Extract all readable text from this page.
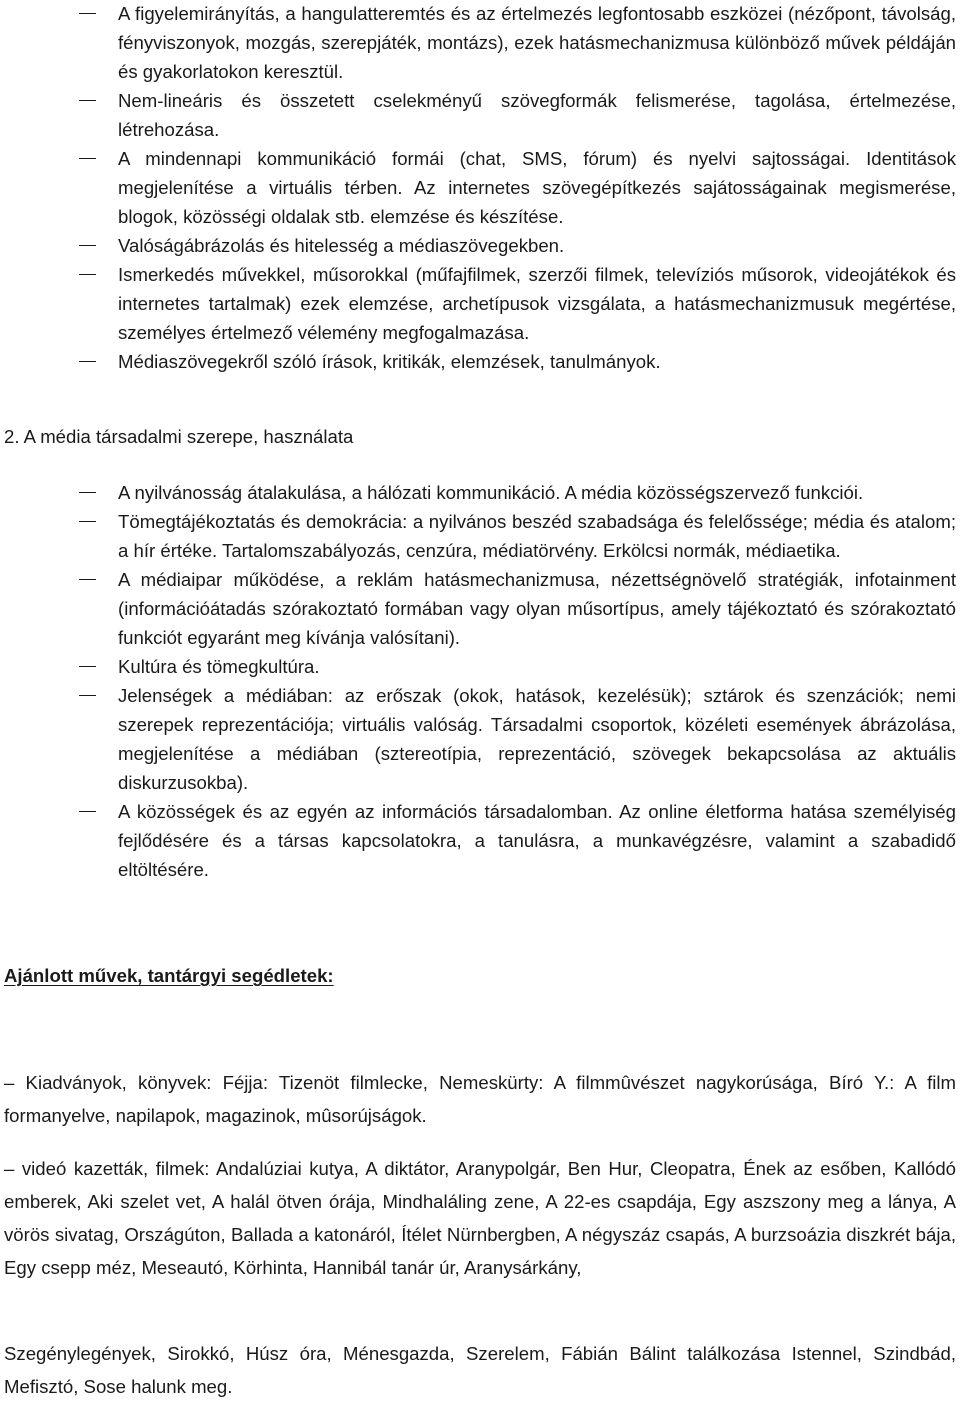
A figyelemirányítás, a hangulatteremtés és az értelmezés legfontosabb eszközei (nézőpont, távolság, fényviszonyok, mozgás, szerepjáték, montázs), ezek hatásmechanizmusa különböző művek példáján és gyakorlatokon keresztül.
Nem-lineáris és összetett cselekményű szövegformák felismerése, tagolása, értelmezése, létrehozása.
A mindennapi kommunikáció formái (chat, SMS, fórum) és nyelvi sajtosságai. Identitások megjelenítése a virtuális térben. Az internetes szövegépítkezés sajátosságainak megismerése, blogok, közösségi oldalak stb. elemzése és készítése.
Valóságábrázolás és hitelesség a médiaszövegekben.
Ismerkedés művekkel, műsorokkal (műfajfilmek, szerzői filmek, televíziós műsorok, videojátékok és internetes tartalmak) ezek elemzése, archetípusok vizsgálata, a hatásmechanizmusuk megértése, személyes értelmező vélemény megfogalmazása.
Médiaszövegekről szóló írások, kritikák, elemzések, tanulmányok.
2. A média társadalmi szerepe, használata
A nyilvánosság átalakulása, a hálózati kommunikáció. A média közösségszervező funkciói.
Tömegtájékoztatás és demokrácia: a nyilvános beszéd szabadsága és felelőssége; média és atalom; a hír értéke. Tartalomszabályozás, cenzúra, médiatörvény. Erkölcsi normák, médiaetika.
A médiaipar működése, a reklám hatásmechanizmusa, nézettségnövelő stratégiák, infotainment (információátadás szórakoztató formában vagy olyan műsortípus, amely tájékoztató és szórakoztató funkciót egyaránt meg kívánja valósítani).
Kultúra és tömegkultúra.
Jelenségek a médiában: az erőszak (okok, hatások, kezelésük); sztárok és szenzációk; nemi szerepek reprezentációja; virtuális valóság. Társadalmi csoportok, közéleti események ábrázolása, megjelenítése a médiában (sztereotípia, reprezentáció, szövegek bekapcsolása az aktuális diskurzusokba).
A közösségek és az egyén az információs társadalomban. Az online életforma hatása személyiség fejlődésére és a társas kapcsolatokra, a tanulásra, a munkavégzésre, valamint a szabadidő eltöltésére.
Ajánlott művek, tantárgyi segédletek:

– Kiadványok, könyvek: Féjja: Tizenöt filmlecke, Nemeskürty: A filmmûvészet nagykorúsága, Bíró Y.: A film formanyelve, napilapok, magazinok, mûsorújságok.

– videó kazetták, filmek: Andalúziai kutya, A diktátor, Aranypolgár, Ben Hur, Cleopatra, Ének az esőben, Kallódó emberek, Aki szelet vet, A halál ötven órája, Mindhaláling zene, A 22-es csapdája, Egy aszszony meg a lánya, A vörös sivatag, Országúton, Ballada a katonáról, Ítélet Nürnbergben, A négyszáz csapás, A burzsoázia diszkrét bája, Egy csepp méz, Meseautó, Körhinta, Hannibál tanár úr, Aranysárkány,

Szegénylegények, Sirokkó, Húsz óra, Ménesgazda, Szerelem, Fábián Bálint találkozása Istennel, Szindbád, Mefisztó, Sose halunk meg.
